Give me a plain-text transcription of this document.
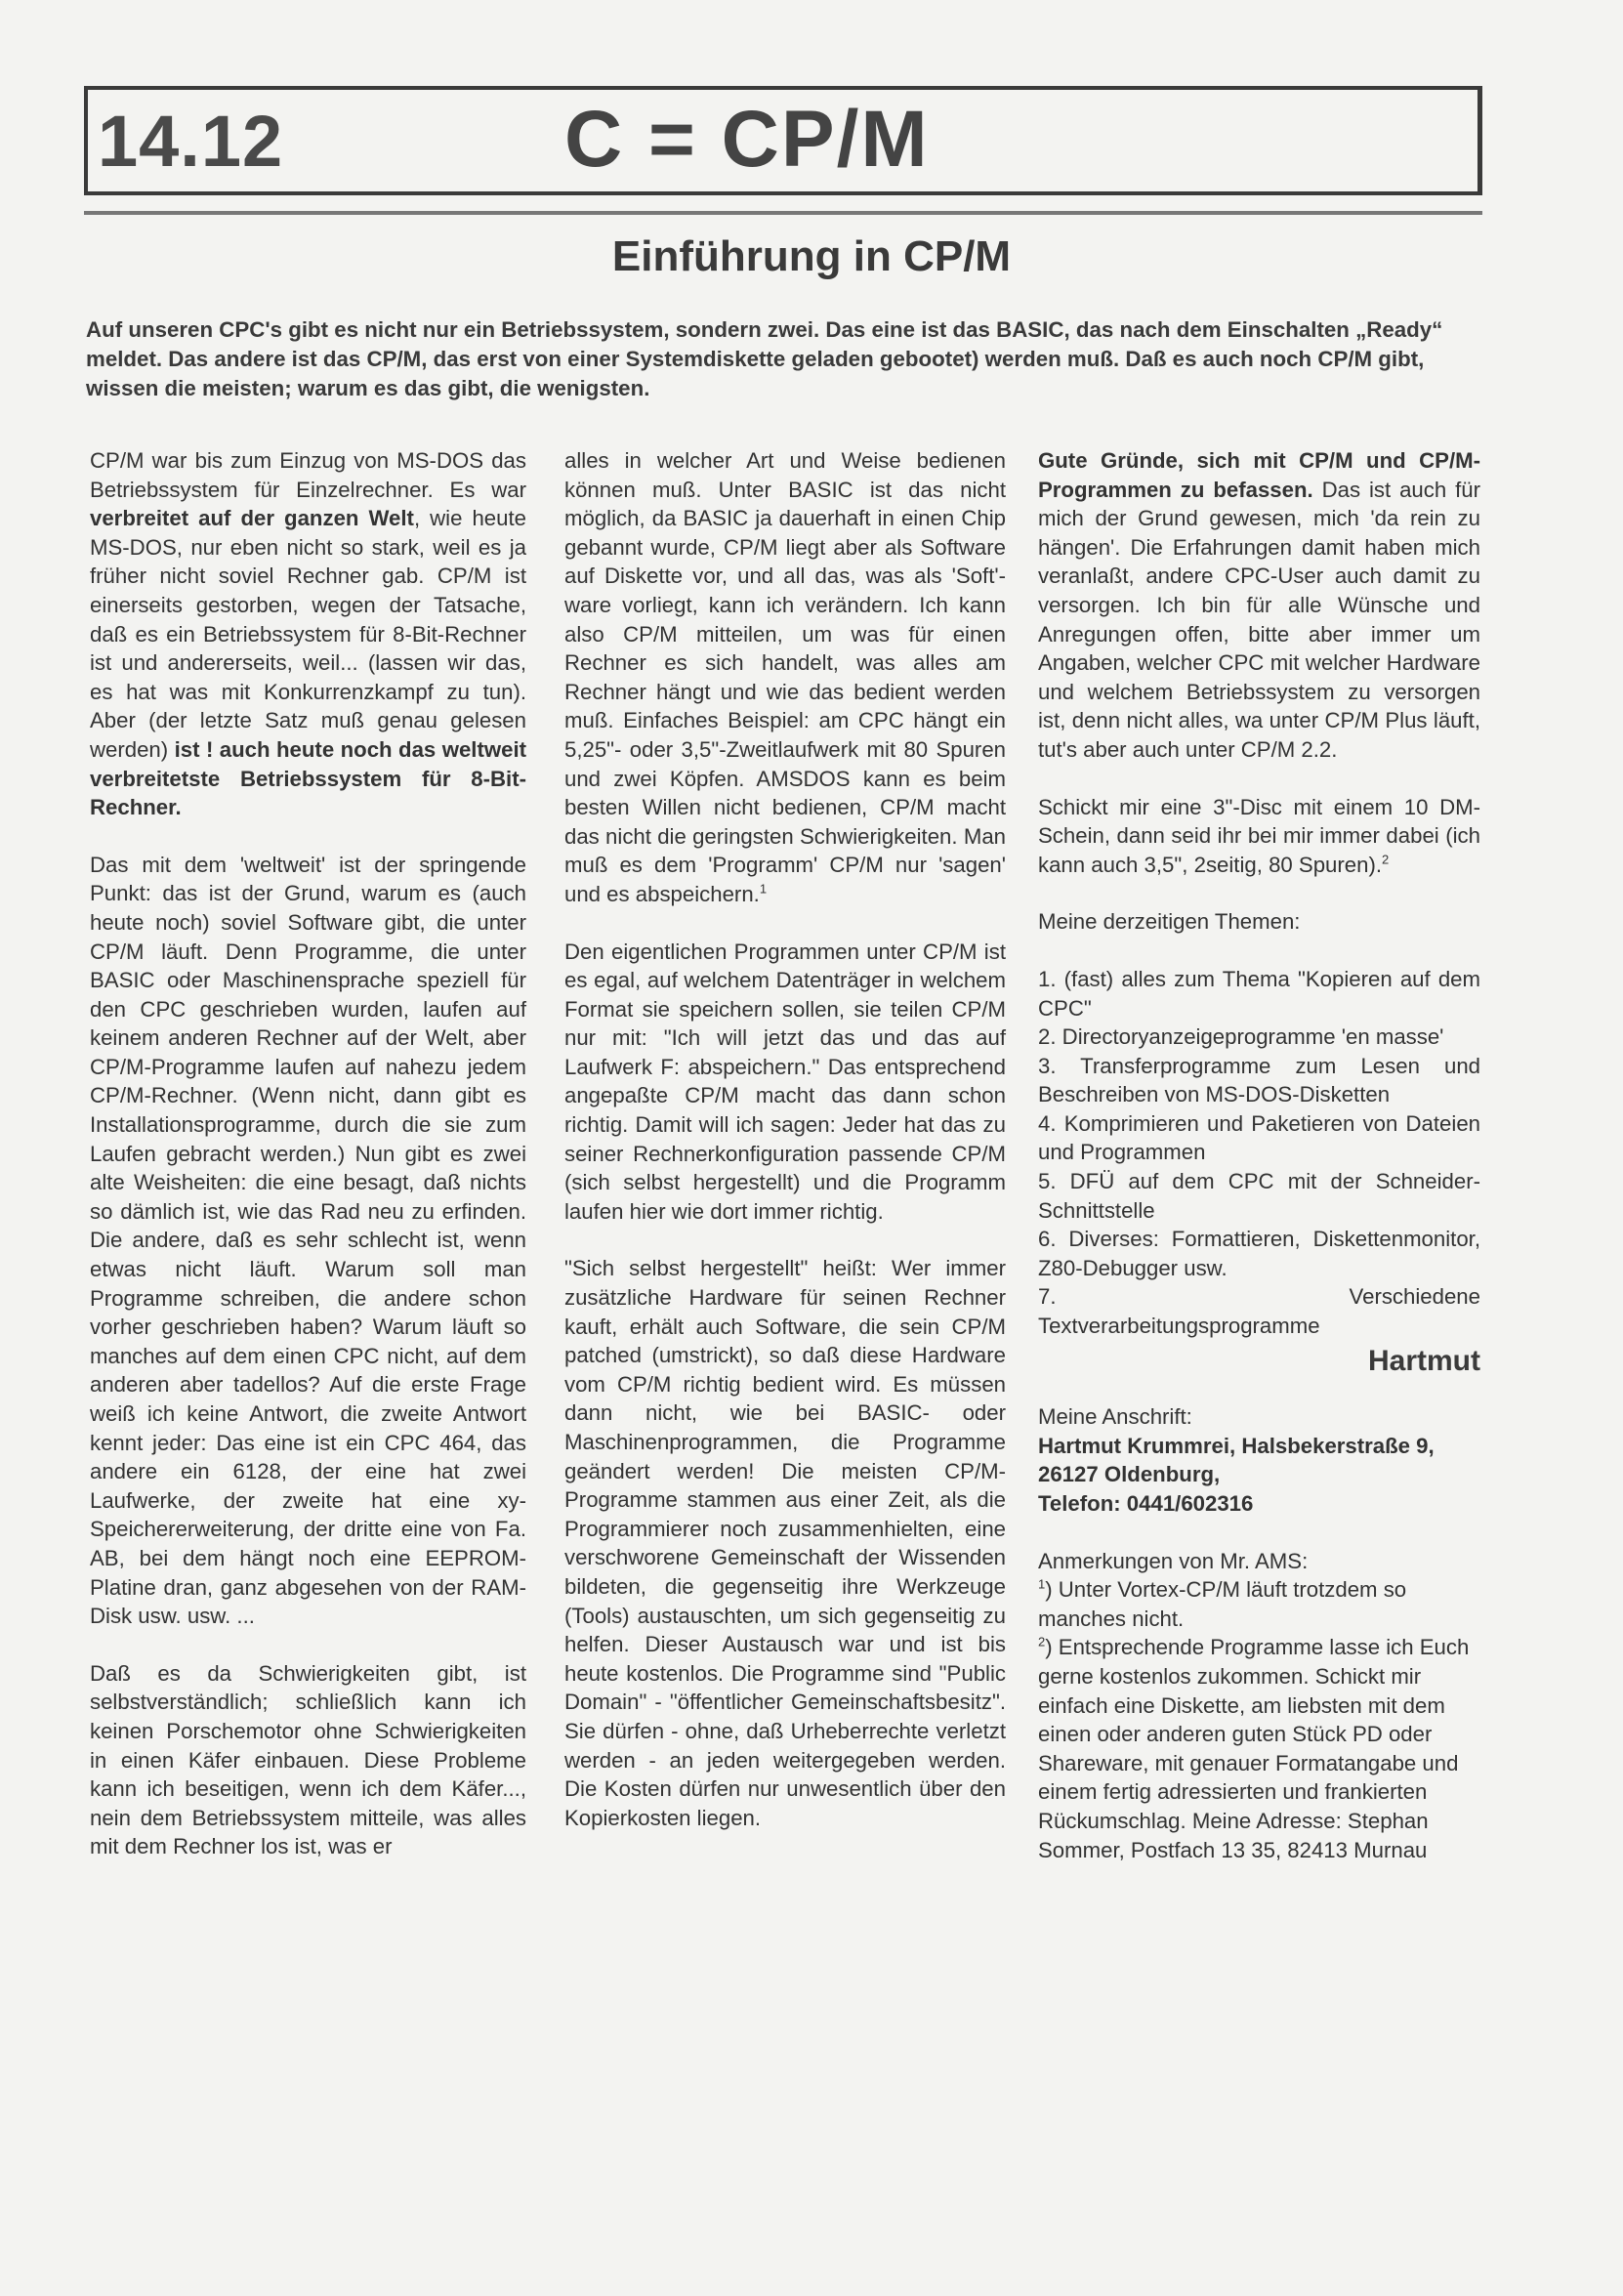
14.12	C = CP/M
Einführung in CP/M
Auf unseren CPC's gibt es nicht nur ein Betriebssystem, sondern zwei. Das eine ist das BASIC, das nach dem Einschalten „Ready“ meldet. Das andere ist das CP/M, das erst von einer Systemdiskette geladen gebootet) werden muß. Daß es auch noch CP/M gibt, wissen die meisten; warum es das gibt, die wenigsten.

CP/M war bis zum Einzug von MS-DOS das Betriebssystem für Einzelrechner. Es war verbreitet auf der ganzen Welt, wie heute MS-DOS, nur eben nicht so stark, weil es ja früher nicht soviel Rechner gab. CP/M ist einerseits gestorben, wegen der Tatsache, daß es ein Betriebssystem für 8-Bit-Rechner ist und andererseits, weil... (lassen wir das, es hat was mit Konkurrenzkampf zu tun). Aber (der letzte Satz muß genau gelesen werden) ist ! auch heute noch das weltweit verbreitetste Betriebssystem für 8-Bit-Rechner.

Das mit dem 'weltweit' ist der springende Punkt: das ist der Grund, warum es (auch heute noch) soviel Software gibt, die unter CP/M läuft. Denn Programme, die unter BASIC oder Maschinensprache speziell für den CPC geschrieben wurden, laufen auf keinem anderen Rechner auf der Welt, aber CP/M-Programme laufen auf nahezu jedem CP/M-Rechner. (Wenn nicht, dann gibt es Installationsprogramme, durch die sie zum Laufen gebracht werden.) Nun gibt es zwei alte Weisheiten: die eine besagt, daß nichts so dämlich ist, wie das Rad neu zu erfinden. Die andere, daß es sehr schlecht ist, wenn etwas nicht läuft. Warum soll man Programme schreiben, die andere schon vorher geschrieben haben? Warum läuft so manches auf dem einen CPC nicht, auf dem anderen aber tadellos? Auf die erste Frage weiß ich keine Antwort, die zweite Antwort kennt jeder: Das eine ist ein CPC 464, das andere ein 6128, der eine hat zwei Laufwerke, der zweite hat eine xy-Speichererweiterung, der dritte eine von Fa. AB, bei dem hängt noch eine EEPROM-Platine dran, ganz abgesehen von der RAM-Disk usw. usw. ...

Daß es da Schwierigkeiten gibt, ist selbstverständlich; schließlich kann ich keinen Porschemotor ohne Schwierigkeiten in einen Käfer einbauen. Diese Probleme kann ich beseitigen, wenn ich dem Käfer..., nein dem Betriebssystem mitteile, was alles mit dem Rechner los ist, was er

alles in welcher Art und Weise bedienen können muß. Unter BASIC ist das nicht möglich, da BASIC ja dauerhaft in einen Chip gebannt wurde, CP/M liegt aber als Software auf Diskette vor, und all das, was als 'Soft'-ware vorliegt, kann ich verändern. Ich kann also CP/M mitteilen, um was für einen Rechner es sich handelt, was alles am Rechner hängt und wie das bedient werden muß. Einfaches Beispiel: am CPC hängt ein 5,25"- oder 3,5"-Zweitlaufwerk mit 80 Spuren und zwei Köpfen. AMSDOS kann es beim besten Willen nicht bedienen, CP/M macht das nicht die geringsten Schwierigkeiten. Man muß es dem 'Programm' CP/M nur 'sagen' und es abspeichern.$^1$

Den eigentlichen Programmen unter CP/M ist es egal, auf welchem Datenträger in welchem Format sie speichern sollen, sie teilen CP/M nur mit: "Ich will jetzt das und das auf Laufwerk F: abspeichern." Das entsprechend angepaßte CP/M macht das dann schon richtig. Damit will ich sagen: Jeder hat das zu seiner Rechnerkonfiguration passende CP/M (sich selbst hergestellt) und die Programm laufen hier wie dort immer richtig.

"Sich selbst hergestellt" heißt: Wer immer zusätzliche Hardware für seinen Rechner kauft, erhält auch Software, die sein CP/M patched (umstrickt), so daß diese Hardware vom CP/M richtig bedient wird. Es müssen dann nicht, wie bei BASIC- oder Maschinenprogrammen, die Programme geändert werden! Die meisten CP/M-Programme stammen aus einer Zeit, als die Programmierer noch zusammenhielten, eine verschworene Gemeinschaft der Wissenden bildeten, die gegenseitig ihre Werkzeuge (Tools) austauschten, um sich gegenseitig zu helfen. Dieser Austausch war und ist bis heute kostenlos. Die Programme sind "Public Domain" - "öffentlicher Gemeinschaftsbesitz". Sie dürfen - ohne, daß Urheberrechte verletzt werden - an jeden weitergegeben werden. Die Kosten dürfen nur unwesentlich über den Kopierkosten liegen.

Gute Gründe, sich mit CP/M und CP/M-Programmen zu befassen. Das ist auch für mich der Grund gewesen, mich 'da rein zu hängen'. Die Erfahrungen damit haben mich veranlaßt, andere CPC-User auch damit zu versorgen. Ich bin für alle Wünsche und Anregungen offen, bitte aber immer um Angaben, welcher CPC mit welcher Hardware und welchem Betriebssystem zu versorgen ist, denn nicht alles, wa unter CP/M Plus läuft, tut's aber auch unter CP/M 2.2.

Schickt mir eine 3"-Disc mit einem 10 DM-Schein, dann seid ihr bei mir immer dabei (ich kann auch 3,5", 2seitig, 80 Spuren).$^2$

Meine derzeitigen Themen:

1. (fast) alles zum Thema "Kopieren auf dem CPC"
2. Directoryanzeigeprogramme 'en masse'
3. Transferprogramme zum Lesen und Beschreiben von MS-DOS-Disketten
4. Komprimieren und Paketieren von Dateien und Programmen
5. DFÜ auf dem CPC mit der Schneider-Schnittstelle
6. Diverses: Formattieren, Diskettenmonitor, Z80-Debugger usw.
7. Verschiedene Textverarbeitungsprogramme
Hartmut
Meine Anschrift:
Hartmut Krummrei, Halsbekerstraße 9, 26127 Oldenburg,
Telefon: 0441/602316
Anmerkungen von Mr. AMS:
$^1$) Unter Vortex-CP/M läuft trotzdem so manches nicht.
$^2$) Entsprechende Programme lasse ich Euch gerne kostenlos zukommen. Schickt mir einfach eine Diskette, am liebsten mit dem einen oder anderen guten Stück PD oder Shareware, mit genauer Formatangabe und einem fertig adressierten und frankierten Rückumschlag. Meine Adresse: Stephan Sommer, Postfach 13 35, 82413 Murnau
